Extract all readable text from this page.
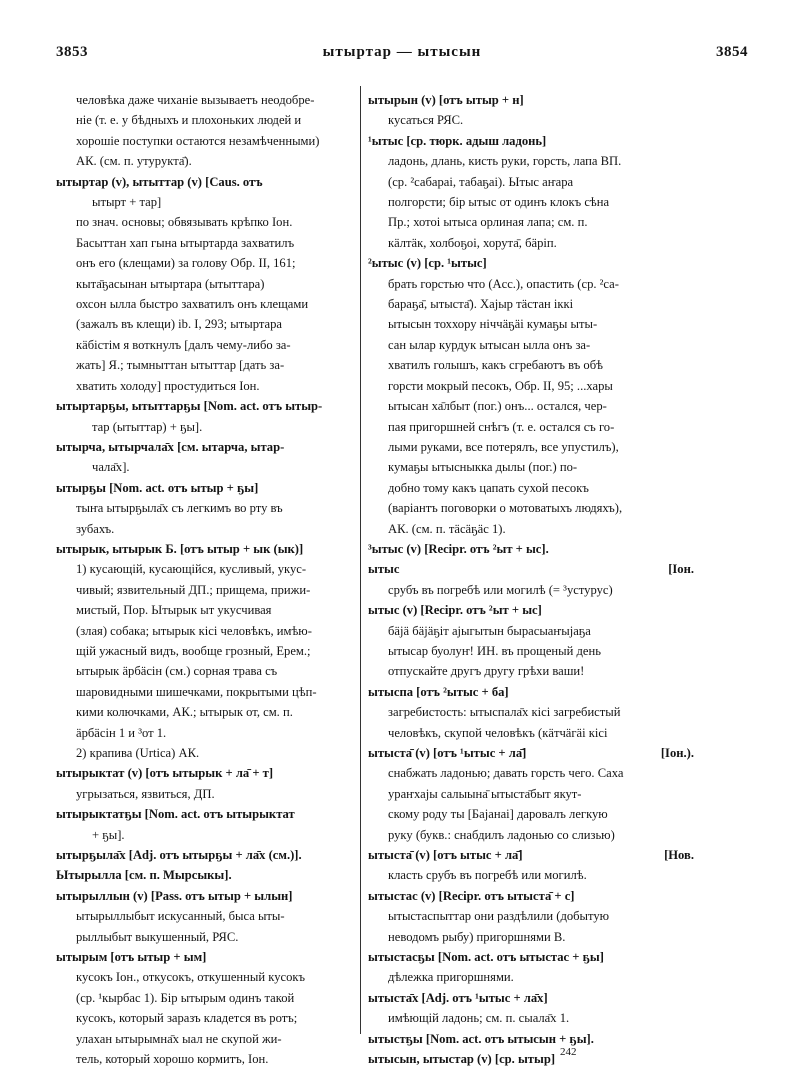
3853	ытыртар — ытысын	3854
человѣка даже чиханіе вызываетъ неодобре-
ніе (т. е. у бѣдныхъ и плохоньких людей и
хорошіе поступки остаются незамѣченными)
АК. (см. п. утурукта̄).
ытыртар (v), ытыттар (v) [Caus. отъ
ытырт + тар]
по знач. основы; обвязывать крѣпко Іон.
Басыттан хап гына ытыртарда захватилъ
онъ его (клещами) за голову Обр. II, 161;
кыта̄ҕасынан ытыртара (ытыттара)
охсон ылла быстро захватилъ онъ клещами
(зажалъ въ клещи) ib. I, 293; ытыртара
кӓбістім я воткнулъ [далъ чему-либо за-
жать] Я.; тымныттан ытыттар [дать за-
хватить холоду] простудиться Іон.
ытыртарҕы, ытыттарҕы [Nom. act. отъ ытыр-
тар (ытыттар) + ҕы].
ытырча, ытырчала̄х [см. ытарча, ытар-
чала̄х].
ытырҕы [Nom. act. отъ ытыр + ҕы]
тыҥа ытырҕыла̄х съ легкимъ во рту въ
зубахъ.
ытырык, ытырык Б. [отъ ытыр + ык (ык)]
1) кусающій, кусающійся, кусливый, укус-
чивый; язвительный ДП.; прищема, прижи-
мистый, Пор. Ытырык ыт укусчивая
(злая) собака; ытырык кісі человѣкъ, имѣю-
щій ужасный видъ, вообще грозный, Ерем.;
ытырык ӓрбӓсін (см.) сорная трава съ
шаровидными шишечками, покрытыми цѣп-
кими колючками, АК.; ытырык от, см. п.
ӓрбӓсін 1 и ³от 1.
2) крапива (Urtica) АК.
ытырыктат (v) [отъ ытырык + ла̄ + т]
угрызаться, язвиться, ДП.
ытырыктатҕы [Nom. act. отъ ытырыктат
+ ҕы].
ытырҕыла̄х [Adj. отъ ытырҕы + ла̄х (см.)].
Ытырылла [см. п. Мырсыкы].
ытырыллын (v) [Pass. отъ ытыр + ылын]
ытырыллыбыт искусанный, быса ыты-
рыллыбыт выкушенный, РЯС.
ытырым [отъ ытыр + ым]
кусокъ Іон., откусокъ, откушенный кусокъ
(ср. ¹кырбас 1). Бір ытырым одинъ такой
кусокъ, который заразъ кладется въ ротъ;
улахан ытырымна̄х ыал не скупой жи-
тель, который хорошо кормитъ, Іон.
ытырын (v) [отъ ытыр + н]
кусаться РЯС.
¹ытыс [ср. тюрк. адыш ладонь]
ладонь, длань, кисть руки, горсть, лапа ВП.
(ср. ²сабараі, табаҕаі). Ытыс аҥара
полгорсти; бір ытыс от одинъ клокъ сѣна
Пр.; хотоі ытыса орлиная лапа; см. п.
кӓлтӓк, холбоҕоі, хорута̄, бӓріп.
²ытыс (v) [ср. ¹ытыс]
брать горстью что (Acc.), опастить (ср. ²са-
бараҕа̄, ытыста̄). Хаjыр тӓстан іккі
ытысын тоххору ніччӓҕӓі кумаҕы ыты-
сан ылар курдук ытысан ылла онъ за-
хватилъ голышъ, какъ сгребаютъ въ обѣ
горсти мокрый песокъ, Обр. II, 95; ...хары
ытысан ха̄лбыт (пог.) онъ... остался, чер-
пая пригоршней снѣгъ (т. е. остался съ го-
лыми руками, все потерялъ, все упустилъ),
кумаҕы ытысныкка дылы (пог.) по-
добно тому какъ цапать сухой песокъ
(варіантъ поговорки о мотоватыхъ людяхъ),
АК. (см. п. тӓсӓҕӓс 1).
³ытыс (v) [Recipr. отъ ²ыт + ыс].
ытыс	[Іон.
срубъ въ погребѣ или могилѣ (= ³устурус)
ытыс (v) [Recipr. отъ ²ыт + ыс]
бӓjӓ бӓjӓҕіт аjыгытын бырасыаҥыjаҕа
ытысар буолуҥ! ИН. въ прощеный день
отпускайте другъ другу грѣхи ваши!
ытыспа [отъ ²ытыс + ба]
загребистость: ытыспала̄х кісі загребистый
человѣкъ, скупой человѣкъ (кӓтчӓгӓі кісі
ытыста̄ (v) [отъ ¹ытыс + ла̄]	[Іон.).
снабжать ладонью; давать горсть чего. Саха
ураҥхаjы салыына̄ ытыста̄быт якут-
скому роду ты [Баjанаі] даровалъ легкую
руку (букв.: снабдилъ ладонью со слизью)
ытыста̄ (v) [отъ ытыс + ла̄]	[Нов.
класть срубъ въ погребѣ или могилѣ.
ытыстас (v) [Recipr. отъ ытыста̄ + с]
ытыстаспыттар они раздѣлили (добытую
неводомъ рыбу) пригоршнями В.
ытыстасҕы [Nom. act. отъ ытыстас + ҕы]
дѣлежка пригоршнями.
ытыста̄х [Adj. отъ ¹ытыс + ла̄х]
имѣющій ладонь; см. п. сыала̄х 1.
ытыстҕы [Nom. act. отъ ытысын + ҕы].
ытысын, ытыстар (v) [ср. ытыр]
242
